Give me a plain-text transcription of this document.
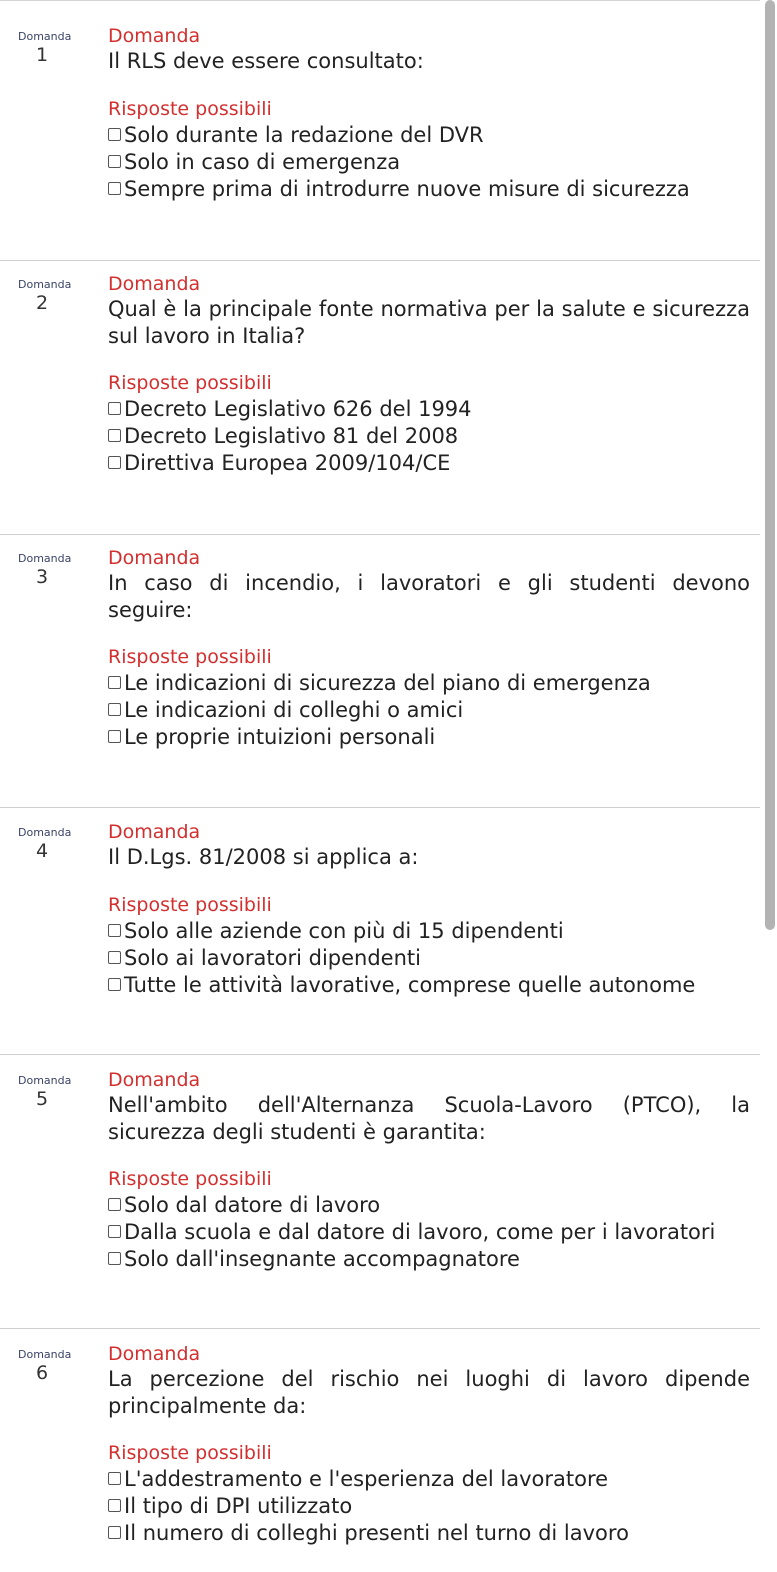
Domanda
1
Domanda
Il RLS deve essere consultato:
Risposte possibili
Solo durante la redazione del DVR
Solo in caso di emergenza
Sempre prima di introdurre nuove misure di sicurezza
Domanda
2
Domanda
Qual è la principale fonte normativa per la salute e sicurezza sul lavoro in Italia?
Risposte possibili
Decreto Legislativo 626 del 1994
Decreto Legislativo 81 del 2008
Direttiva Europea 2009/104/CE
Domanda
3
Domanda
In caso di incendio, i lavoratori e gli studenti devono seguire:
Risposte possibili
Le indicazioni di sicurezza del piano di emergenza
Le indicazioni di colleghi o amici
Le proprie intuizioni personali
Domanda
4
Domanda
Il D.Lgs. 81/2008 si applica a:
Risposte possibili
Solo alle aziende con più di 15 dipendenti
Solo ai lavoratori dipendenti
Tutte le attività lavorative, comprese quelle autonome
Domanda
5
Domanda
Nell'ambito dell'Alternanza Scuola-Lavoro (PTCO), la sicurezza degli studenti è garantita:
Risposte possibili
Solo dal datore di lavoro
Dalla scuola e dal datore di lavoro, come per i lavoratori
Solo dall'insegnante accompagnatore
Domanda
6
Domanda
La percezione del rischio nei luoghi di lavoro dipende principalmente da:
Risposte possibili
L'addestramento e l'esperienza del lavoratore
Il tipo di DPI utilizzato
Il numero di colleghi presenti nel turno di lavoro
